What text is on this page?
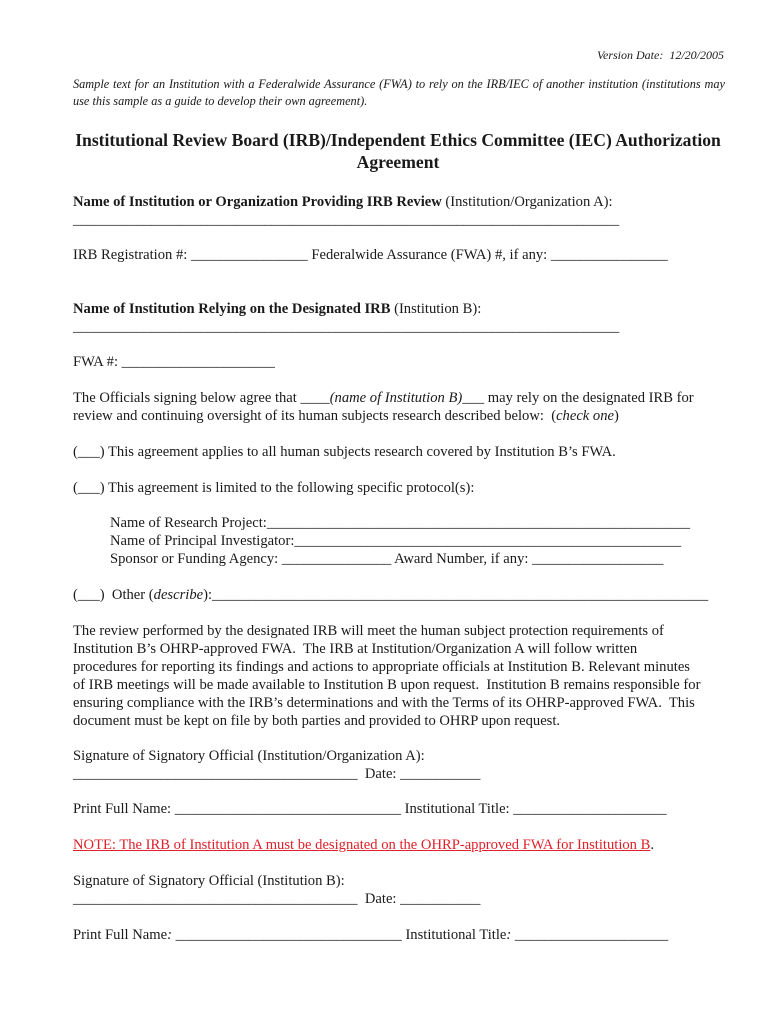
Version Date:  12/20/2005
Sample text for an Institution with a Federalwide Assurance (FWA) to rely on the IRB/IEC of another institution (institutions may use this sample as a guide to develop their own agreement).
Institutional Review Board (IRB)/Independent Ethics Committee (IEC) Authorization Agreement
Name of Institution or Organization Providing IRB Review (Institution/Organization A):
_____________________________________________________________________________
IRB Registration #: ________________ Federalwide Assurance (FWA) #, if any: ________________
Name of Institution Relying on the Designated IRB (Institution B):
_____________________________________________________________________________
FWA #: _____________________
The Officials signing below agree that ____(name of Institution B)___ may rely on the designated IRB for
review and continuing oversight of its human subjects research described below:  (check one)
(___) This agreement applies to all human subjects research covered by Institution B’s FWA.
(___) This agreement is limited to the following specific protocol(s):
Name of Research Project:__________________________________________________________
Name of Principal Investigator:_____________________________________________________
Sponsor or Funding Agency: _______________ Award Number, if any: __________________
(___)  Other (describe):____________________________________________________________________
The review performed by the designated IRB will meet the human subject protection requirements of
Institution B’s OHRP-approved FWA.  The IRB at Institution/Organization A will follow written
procedures for reporting its findings and actions to appropriate officials at Institution B. Relevant minutes
of IRB meetings will be made available to Institution B upon request.  Institution B remains responsible for
ensuring compliance with the IRB’s determinations and with the Terms of its OHRP-approved FWA.  This
document must be kept on file by both parties and provided to OHRP upon request.
Signature of Signatory Official (Institution/Organization A):
_______________________________________  Date: ___________
Print Full Name: _______________________________ Institutional Title: _____________________
NOTE: The IRB of Institution A must be designated on the OHRP-approved FWA for Institution B.
Signature of Signatory Official (Institution B):
_______________________________________  Date: ___________
Print Full Name: _______________________________ Institutional Title: _____________________
